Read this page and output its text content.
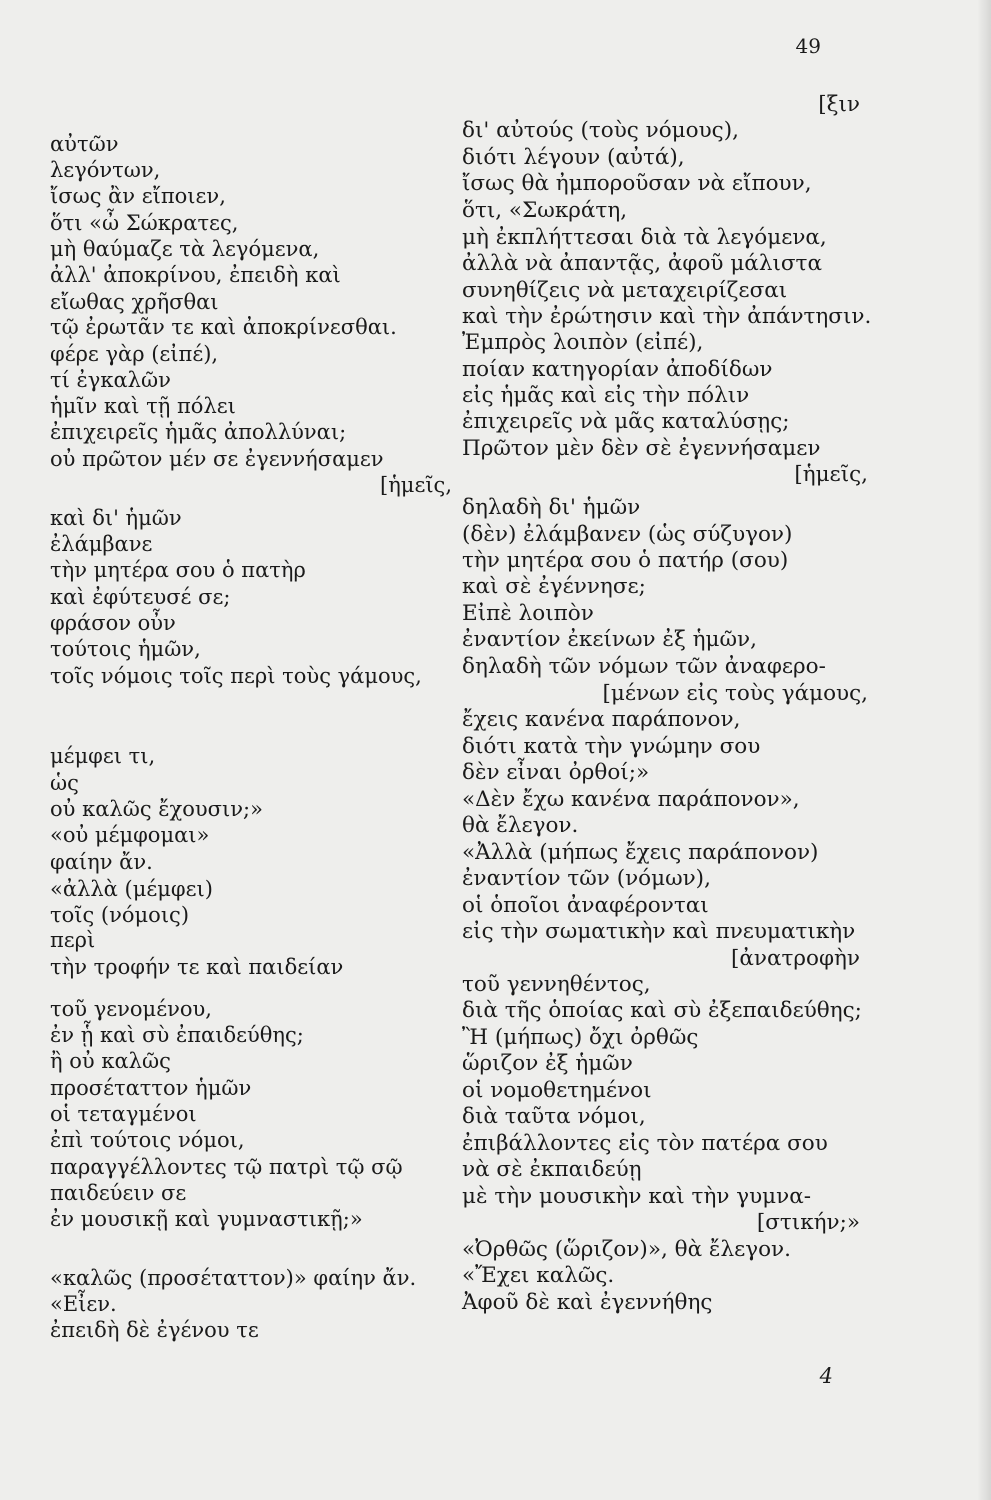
49
αὐτῶν
λεγόντων,
ἴσως ἂν εἴποιεν,
ὅτι «ὦ Σώκρατες,
μὴ θαύμαζε τὰ λεγόμενα,
ἀλλ' ἀποκρίνου, ἐπειδὴ καὶ
εἴωθας χρῆσθαι
τῷ ἐρωτᾶν τε καὶ ἀποκρίνεσθαι.
φέρε γὰρ (εἰπέ),
τί ἐγκαλῶν
ἡμῖν καὶ τῇ πόλει
ἐπιχειρεῖς ἡμᾶς ἀπολλύναι;
οὐ πρῶτον μέν σε ἐγεννήσαμεν
[ἡμεῖς,
καὶ δι' ἡμῶν
ἐλάμβανε
τὴν μητέρα σου ὁ πατὴρ
καὶ ἐφύτευσέ σε;
φράσον οὖν
τούτοις ἡμῶν,
τοῖς νόμοις τοῖς περὶ τοὺς γάμους,
μέμφει τι,
ὡς
οὐ καλῶς ἔχουσιν;»
«οὐ μέμφομαι»
φαίην ἄν.
«ἀλλὰ (μέμφει)
τοῖς (νόμοις)
περὶ
τὴν τροφήν τε καὶ παιδείαν
τοῦ γενομένου,
ἐν ᾗ καὶ σὺ ἐπαιδεύθης;
ἢ οὐ καλῶς
προσέταττον ἡμῶν
οἱ τεταγμένοι
ἐπὶ τούτοις νόμοι,
παραγγέλλοντες τῷ πατρὶ τῷ σῷ
παιδεύειν σε
ἐν μουσικῇ καὶ γυμναστικῇ;»
«καλῶς (προσέταττον)» φαίην ἄν.
«Εἶεν.
ἐπειδὴ δὲ ἐγένου τε
[ξιν
δι' αὐτούς (τοὺς νόμους),
διότι λέγουν (αὐτά),
ἴσως θὰ ἠμποροῦσαν νὰ εἴπουν,
ὅτι, «Σωκράτη,
μὴ ἐκπλήττεσαι διὰ τὰ λεγόμενα,
ἀλλὰ νὰ ἀπαντᾷς, ἀφοῦ μάλιστα
συνηθίζεις νὰ μεταχειρίζεσαι
καὶ τὴν ἐρώτησιν καὶ τὴν ἀπάντησιν.
Ἐμπρὸς λοιπὸν (εἰπέ),
ποίαν κατηγορίαν ἀποδίδων
εἰς ἡμᾶς καὶ εἰς τὴν πόλιν
ἐπιχειρεῖς νὰ μᾶς καταλύσῃς;
Πρῶτον μὲν δὲν σὲ ἐγεννήσαμεν
[ἡμεῖς,
δηλαδὴ δι' ἡμῶν
(δὲν) ἐλάμβανεν (ὡς σύζυγον)
τὴν μητέρα σου ὁ πατήρ (σου)
καὶ σὲ ἐγέννησε;
Εἰπὲ λοιπὸν
ἐναντίον ἐκείνων ἐξ ἡμῶν,
δηλαδὴ τῶν νόμων τῶν ἀναφερο-
[μένων εἰς τοὺς γάμους,
ἔχεις κανένα παράπονον,
διότι κατὰ τὴν γνώμην σου
δὲν εἶναι ὀρθοί;»
«Δὲν ἔχω κανένα παράπονον»,
θὰ ἔλεγον.
«Ἀλλὰ (μήπως ἔχεις παράπονον)
ἐναντίον τῶν (νόμων),
οἱ ὁποῖοι ἀναφέρονται
εἰς τὴν σωματικὴν καὶ πνευματικὴν
[ἀνατροφὴν
τοῦ γεννηθέντος,
διὰ τῆς ὁποίας καὶ σὺ ἐξεπαιδεύθης;
Ἢ (μήπως) ὄχι ὀρθῶς
ὥριζον ἐξ ἡμῶν
οἱ νομοθετημένοι
διὰ ταῦτα νόμοι,
ἐπιβάλλοντες εἰς τὸν πατέρα σου
νὰ σὲ ἐκπαιδεύῃ
μὲ τὴν μουσικὴν καὶ τὴν γυμνα-
[στικήν;»
«Ὀρθῶς (ὥριζον)», θὰ ἔλεγον.
«Ἔχει καλῶς.
Ἀφοῦ δὲ καὶ ἐγεννήθης
4
